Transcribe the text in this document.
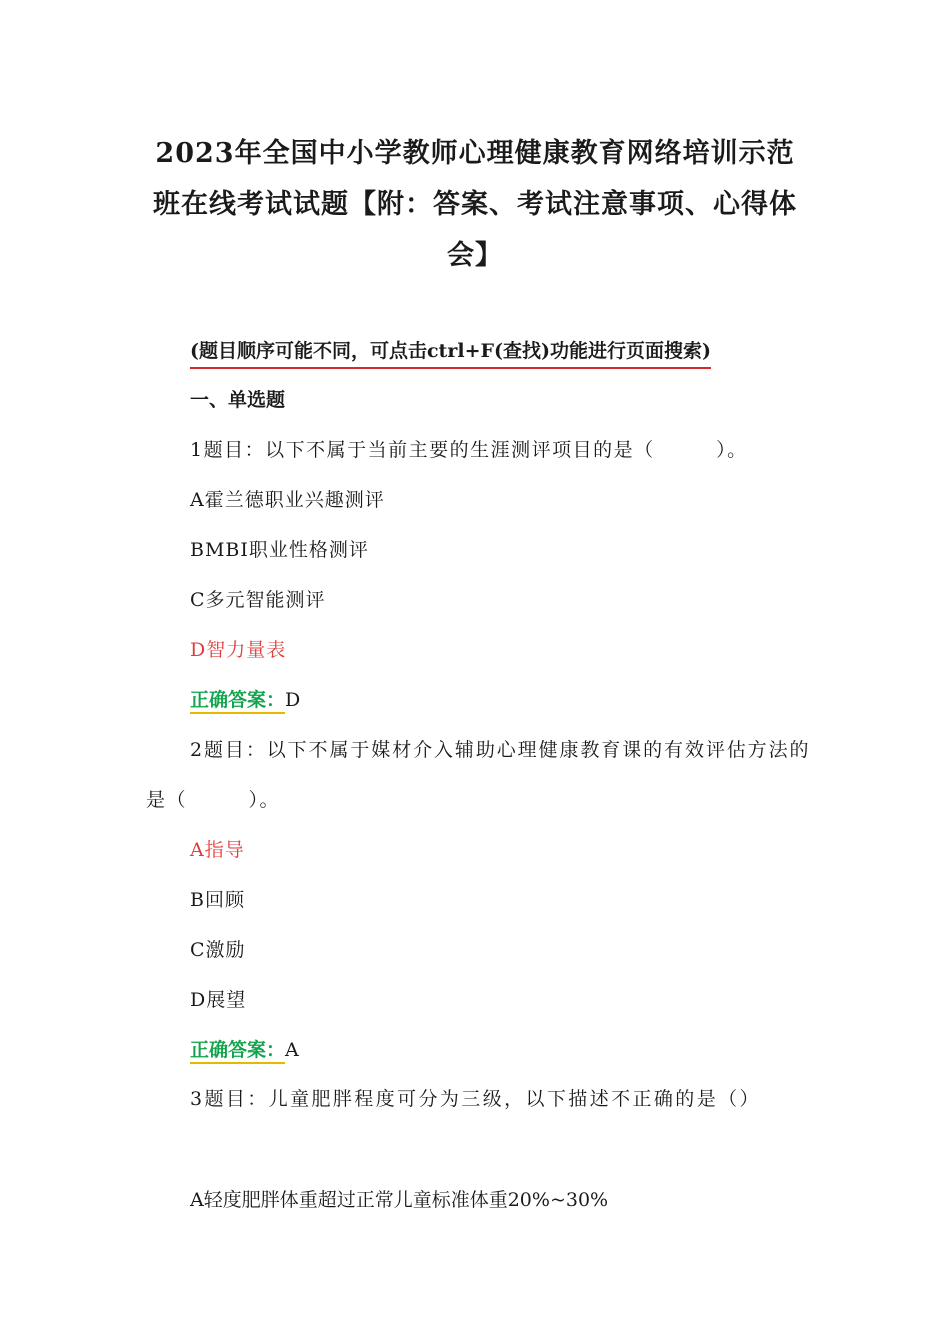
2023年全国中小学教师心理健康教育网络培训示范
班在线考试试题【附：答案、考试注意事项、心得体
会】
(题目顺序可能不同，可点击ctrl+F(查找)功能进行页面搜索)
一、单选题
1题目：以下不属于当前主要的生涯测评项目的是（　　　）。
A霍兰德职业兴趣测评
BMBI职业性格测评
C多元智能测评
D智力量表
正确答案：D
2题目：以下不属于媒材介入辅助心理健康教育课的有效评估方法的是（　　　）。
A指导
B回顾
C激励
D展望
正确答案：A
3题目：儿童肥胖程度可分为三级，以下描述不正确的是（）
A轻度肥胖体重超过正常儿童标准体重20%~30%
